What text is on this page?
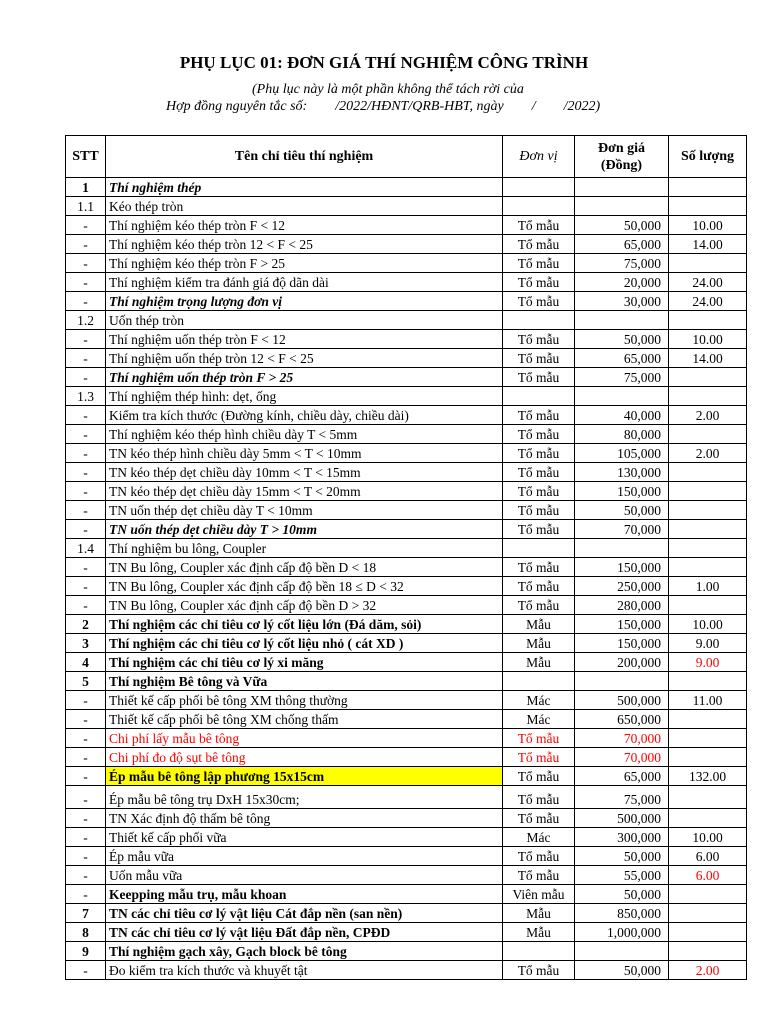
PHỤ LỤC 01: ĐƠN GIÁ THÍ NGHIỆM CÔNG TRÌNH
(Phụ lục này là một phần không thể tách rời của
Hợp đồng nguyên tắc số:        /2022/HĐNT/QRB-HBT, ngày        /        /2022)
STT	Tên chỉ tiêu thí nghiệm	Đơn vị	Đơn giá (Đồng)	Số lượng
1	Thí nghiệm thép			
1.1	Kéo thép tròn			
-	Thí nghiệm kéo thép tròn F < 12	Tổ mẫu	50,000	10.00
-	Thí nghiệm kéo thép tròn 12 < F < 25	Tổ mẫu	65,000	14.00
-	Thí nghiệm kéo thép tròn F > 25	Tổ mẫu	75,000	
-	Thí nghiệm kiểm tra đánh giá độ dãn dài	Tổ mẫu	20,000	24.00
-	Thí nghiệm trọng lượng đơn vị	Tổ mẫu	30,000	24.00
1.2	Uốn thép tròn			
-	Thí nghiệm uốn thép tròn F < 12	Tổ mẫu	50,000	10.00
-	Thí nghiệm uốn thép tròn 12 < F < 25	Tổ mẫu	65,000	14.00
-	Thí nghiệm uốn thép tròn F > 25	Tổ mẫu	75,000	
1.3	Thí nghiệm thép hình: dẹt, ống			
-	Kiểm tra kích thước (Đường kính, chiều dày, chiều dài)	Tổ mẫu	40,000	2.00
-	Thí nghiệm kéo thép hình chiều dày T < 5mm	Tổ mẫu	80,000	
-	TN kéo thép hình chiều dày 5mm < T < 10mm	Tổ mẫu	105,000	2.00
-	TN kéo thép dẹt chiều dày 10mm < T < 15mm	Tổ mẫu	130,000	
-	TN kéo thép dẹt chiều dày 15mm < T < 20mm	Tổ mẫu	150,000	
-	TN uốn thép dẹt chiều dày T < 10mm	Tổ mẫu	50,000	
-	TN uốn thép dẹt chiều dày T > 10mm	Tổ mẫu	70,000	
1.4	Thí nghiệm bu lông, Coupler			
-	TN Bu lông, Coupler xác định cấp độ bền D < 18	Tổ mẫu	150,000	
-	TN Bu lông, Coupler xác định cấp độ bền 18 ≤ D < 32	Tổ mẫu	250,000	1.00
-	TN Bu lông, Coupler xác định cấp độ bền D > 32	Tổ mẫu	280,000	
2	Thí nghiệm các chỉ tiêu cơ lý cốt liệu lớn (Đá dăm, sỏi)	Mẫu	150,000	10.00
3	Thí nghiệm các chỉ tiêu cơ lý cốt liệu nhỏ ( cát XD )	Mẫu	150,000	9.00
4	Thí nghiệm các chỉ tiêu cơ lý xi măng	Mẫu	200,000	9.00
5	Thí nghiệm Bê tông và Vữa			
-	Thiết kế cấp phối bê tông XM thông thường	Mác	500,000	11.00
-	Thiết kế cấp phối bê tông XM chống thấm	Mác	650,000	
-	Chi phí lấy mẫu bê tông	Tổ mẫu	70,000	
-	Chi phí đo độ sụt bê tông	Tổ mẫu	70,000	
-	Ép mẫu bê tông lập phương 15x15cm	Tổ mẫu	65,000	132.00
-	Ép mẫu bê tông trụ DxH 15x30cm;	Tổ mẫu	75,000	
-	TN Xác định độ thấm bê tông	Tổ mẫu	500,000	
-	Thiết kế cấp phối vữa	Mác	300,000	10.00
-	Ép mẫu vữa	Tổ mẫu	50,000	6.00
-	Uốn mẫu vữa	Tổ mẫu	55,000	6.00
-	Keepping mẫu trụ, mẫu khoan	Viên mẫu	50,000	
7	TN các chỉ tiêu cơ lý vật liệu Cát đắp nền (san nền)	Mẫu	850,000	
8	TN các chỉ tiêu cơ lý vật liệu Đất đắp nền, CPĐD	Mẫu	1,000,000	
9	Thí nghiệm gạch xây, Gạch block bê tông			
-	Đo kiểm tra kích thước và khuyết tật	Tổ mẫu	50,000	2.00
